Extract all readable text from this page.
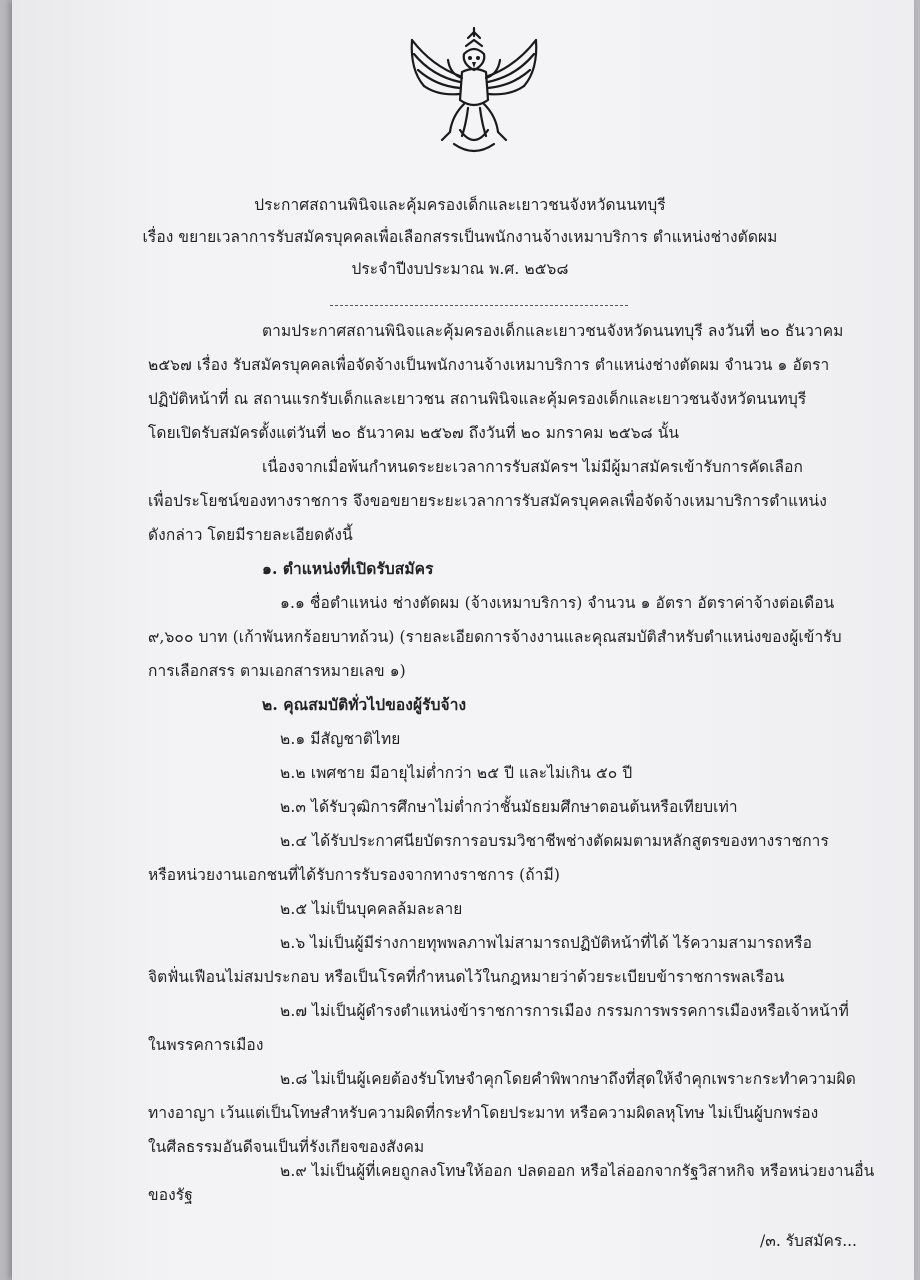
ประกาศสถานพินิจและคุ้มครองเด็กและเยาวชนจังหวัดนนทบุรี
เรื่อง ขยายเวลาการรับสมัครบุคคลเพื่อเลือกสรรเป็นพนักงานจ้างเหมาบริการ ตำแหน่งช่างตัดผม
ประจำปีงบประมาณ พ.ศ. ๒๕๖๘
ตามประกาศสถานพินิจและคุ้มครองเด็กและเยาวชนจังหวัดนนทบุรี ลงวันที่ ๒๐ ธันวาคม
๒๕๖๗ เรื่อง รับสมัครบุคคลเพื่อจัดจ้างเป็นพนักงานจ้างเหมาบริการ ตำแหน่งช่างตัดผม จำนวน ๑ อัตรา
ปฏิบัติหน้าที่ ณ สถานแรกรับเด็กและเยาวชน สถานพินิจและคุ้มครองเด็กและเยาวชนจังหวัดนนทบุรี
โดยเปิดรับสมัครตั้งแต่วันที่ ๒๐ ธันวาคม ๒๕๖๗ ถึงวันที่ ๒๐ มกราคม ๒๕๖๘ นั้น
เนื่องจากเมื่อพ้นกำหนดระยะเวลาการรับสมัครฯ ไม่มีผู้มาสมัครเข้ารับการคัดเลือก
เพื่อประโยชน์ของทางราชการ จึงขอขยายระยะเวลาการรับสมัครบุคคลเพื่อจัดจ้างเหมาบริการตำแหน่ง
ดังกล่าว โดยมีรายละเอียดดังนี้
๑. ตำแหน่งที่เปิดรับสมัคร
๑.๑ ชื่อตำแหน่ง ช่างตัดผม (จ้างเหมาบริการ) จำนวน ๑ อัตรา อัตราค่าจ้างต่อเดือน
๙,๖๐๐ บาท (เก้าพันหกร้อยบาทถ้วน) (รายละเอียดการจ้างงานและคุณสมบัติสำหรับตำแหน่งของผู้เข้ารับ
การเลือกสรร ตามเอกสารหมายเลข ๑)
๒. คุณสมบัติทั่วไปของผู้รับจ้าง
๒.๑ มีสัญชาติไทย
๒.๒ เพศชาย มีอายุไม่ต่ำกว่า ๒๕ ปี และไม่เกิน ๕๐ ปี
๒.๓ ได้รับวุฒิการศึกษาไม่ต่ำกว่าชั้นมัธยมศึกษาตอนต้นหรือเทียบเท่า
๒.๔ ได้รับประกาศนียบัตรการอบรมวิชาชีพช่างตัดผมตามหลักสูตรของทางราชการ
หรือหน่วยงานเอกชนที่ได้รับการรับรองจากทางราชการ (ถ้ามี)
๒.๕ ไม่เป็นบุคคลล้มละลาย
๒.๖ ไม่เป็นผู้มีร่างกายทุพพลภาพไม่สามารถปฏิบัติหน้าที่ได้ ไร้ความสามารถหรือ
จิตฟั่นเฟือนไม่สมประกอบ หรือเป็นโรคที่กำหนดไว้ในกฎหมายว่าด้วยระเบียบข้าราชการพลเรือน
๒.๗ ไม่เป็นผู้ดำรงตำแหน่งข้าราชการการเมือง กรรมการพรรคการเมืองหรือเจ้าหน้าที่
ในพรรคการเมือง
๒.๘ ไม่เป็นผู้เคยต้องรับโทษจำคุกโดยคำพิพากษาถึงที่สุดให้จำคุกเพราะกระทำความผิด
ทางอาญา เว้นแต่เป็นโทษสำหรับความผิดที่กระทำโดยประมาท หรือความผิดลหุโทษ ไม่เป็นผู้บกพร่อง
ในศีลธรรมอันดีจนเป็นที่รังเกียจของสังคม
๒.๙ ไม่เป็นผู้ที่เคยถูกลงโทษให้ออก ปลดออก หรือไล่ออกจากรัฐวิสาหกิจ หรือหน่วยงานอื่น
ของรัฐ
/๓. รับสมัคร...
